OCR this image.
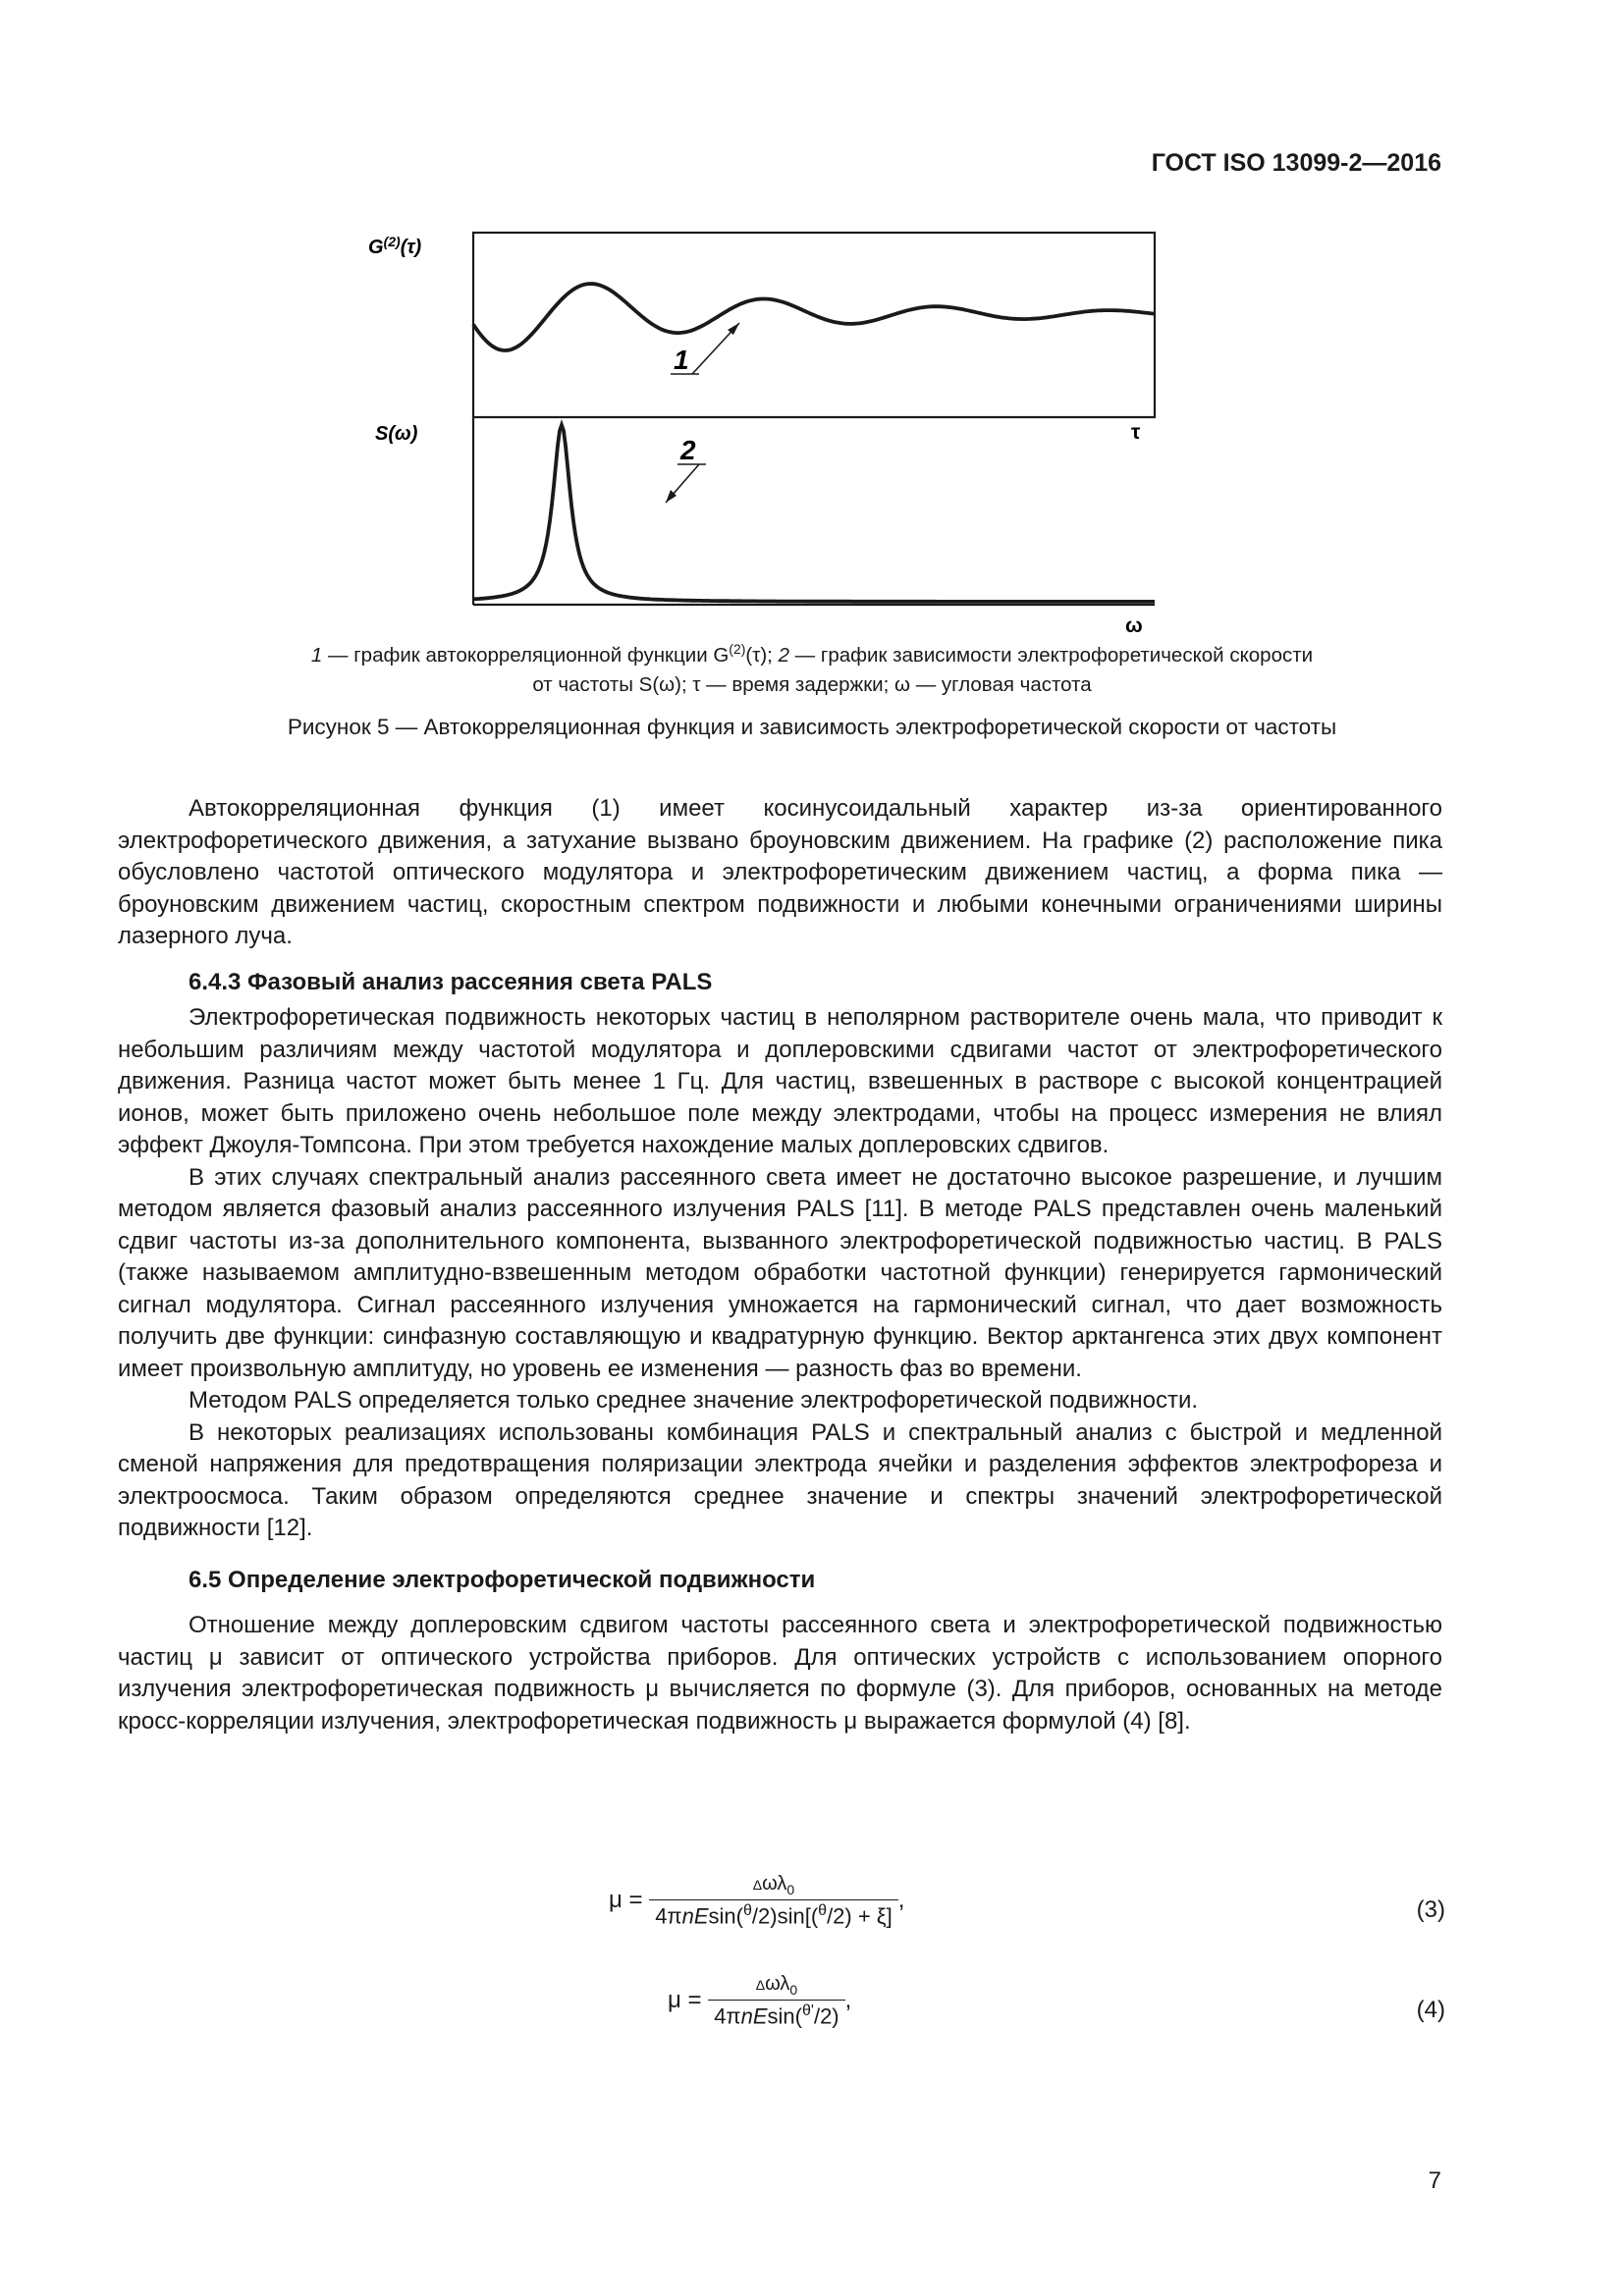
ГОСТ ISO 13099-2—2016
$G^{(2)}(\tau)$
S(ω)	τ
ω
1
2
1 — график автокорреляционной функции $G^{(2)}(\tau)$; 2 — график зависимости электрофоретической скорости
от частоты S(ω); τ — время задержки; ω — угловая частота
Рисунок 5 — Автокорреляционная функция и зависимость электрофоретической скорости от частоты

Автокорреляционная функция (1) имеет косинусоидальный характер из-за ориентированного электрофоретического движения, а затухание вызвано броуновским движением. На графике (2) расположение пика обусловлено частотой оптического модулятора и электрофоретическим движением частиц, а форма пика — броуновским движением частиц, скоростным спектром подвижности и любыми конечными ограничениями ширины лазерного луча.

6.4.3 Фазовый анализ рассеяния света PALS

Электрофоретическая подвижность некоторых частиц в неполярном растворителе очень мала, что приводит к небольшим различиям между частотой модулятора и доплеровскими сдвигами частот от электрофоретического движения. Разница частот может быть менее 1 Гц. Для частиц, взвешенных в растворе с высокой концентрацией ионов, может быть приложено очень небольшое поле между электродами, чтобы на процесс измерения не влиял эффект Джоуля-Томпсона. При этом требуется нахождение малых доплеровских сдвигов.

В этих случаях спектральный анализ рассеянного света имеет не достаточно высокое разрешение, и лучшим методом является фазовый анализ рассеянного излучения PALS [11]. В методе PALS представлен очень маленький сдвиг частоты из-за дополнительного компонента, вызванного электрофоретической подвижностью частиц. В PALS (также называемом амплитудно-взвешенным методом обработки частотной функции) генерируется гармонический сигнал модулятора. Сигнал рассеянного излучения умножается на гармонический сигнал, что дает возможность получить две функции: синфазную составляющую и квадратурную функцию. Вектор арктангенса этих двух компонент имеет произвольную амплитуду, но уровень ее изменения — разность фаз во времени.

Методом PALS определяется только среднее значение электрофоретической подвижности.

В некоторых реализациях использованы комбинация PALS и спектральный анализ с быстрой и медленной сменой напряжения для предотвращения поляризации электрода ячейки и разделения эффектов электрофореза и электроосмоса. Таким образом определяются среднее значение и спектры значений электрофоретической подвижности [12].

6.5 Определение электрофоретической подвижности

Отношение между доплеровским сдвигом частоты рассеянного света и электрофоретической подвижностью частиц μ зависит от оптического устройства приборов. Для оптических устройств с использованием опорного излучения электрофоретическая подвижность μ вычисляется по формуле (3). Для приборов, основанных на методе кросс-корреляции излучения, электрофоретическая подвижность μ выражается формулой (4) [8].

$\mu = \frac{\Delta\omega\lambda_0}{4\pi nEsin(^\theta/2)\sin[(^\theta/2) + \xi]}$ ,	(3)
$\mu = \frac{\Delta\omega\lambda_0}{4\pi nEsin(^{\theta'}/2)}$ ,	(4)
7
